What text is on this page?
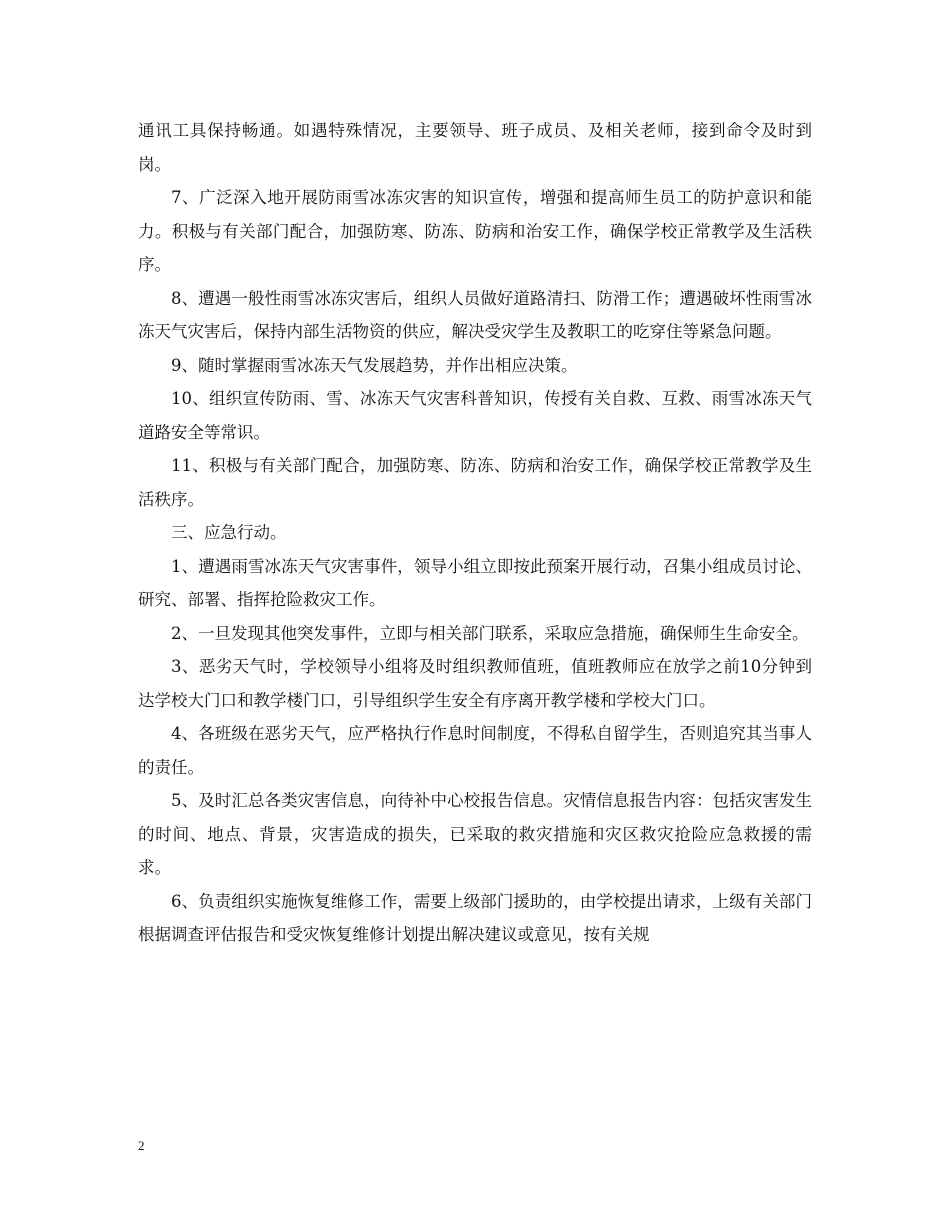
通讯工具保持畅通。如遇特殊情况，主要领导、班子成员、及相关老师，接到命令及时到岗。

7、广泛深入地开展防雨雪冰冻灾害的知识宣传，增强和提高师生员工的防护意识和能力。积极与有关部门配合，加强防寒、防冻、防病和治安工作，确保学校正常教学及生活秩序。

8、遭遇一般性雨雪冰冻灾害后，组织人员做好道路清扫、防滑工作；遭遇破坏性雨雪冰冻天气灾害后，保持内部生活物资的供应，解决受灾学生及教职工的吃穿住等紧急问题。

9、随时掌握雨雪冰冻天气发展趋势，并作出相应决策。

10、组织宣传防雨、雪、冰冻天气灾害科普知识，传授有关自救、互救、雨雪冰冻天气道路安全等常识。

11、积极与有关部门配合，加强防寒、防冻、防病和治安工作，确保学校正常教学及生活秩序。

三、应急行动。

1、遭遇雨雪冰冻天气灾害事件，领导小组立即按此预案开展行动，召集小组成员讨论、研究、部署、指挥抢险救灾工作。

2、一旦发现其他突发事件，立即与相关部门联系，采取应急措施，确保师生生命安全。

3、恶劣天气时，学校领导小组将及时组织教师值班，值班教师应在放学之前10分钟到达学校大门口和教学楼门口，引导组织学生安全有序离开教学楼和学校大门口。

4、各班级在恶劣天气，应严格执行作息时间制度，不得私自留学生，否则追究其当事人的责任。

5、及时汇总各类灾害信息，向待补中心校报告信息。灾情信息报告内容：包括灾害发生的时间、地点、背景，灾害造成的损失，已采取的救灾措施和灾区救灾抢险应急救援的需求。

6、负责组织实施恢复维修工作，需要上级部门援助的，由学校提出请求，上级有关部门根据调查评估报告和受灾恢复维修计划提出解决建议或意见，按有关规

2
